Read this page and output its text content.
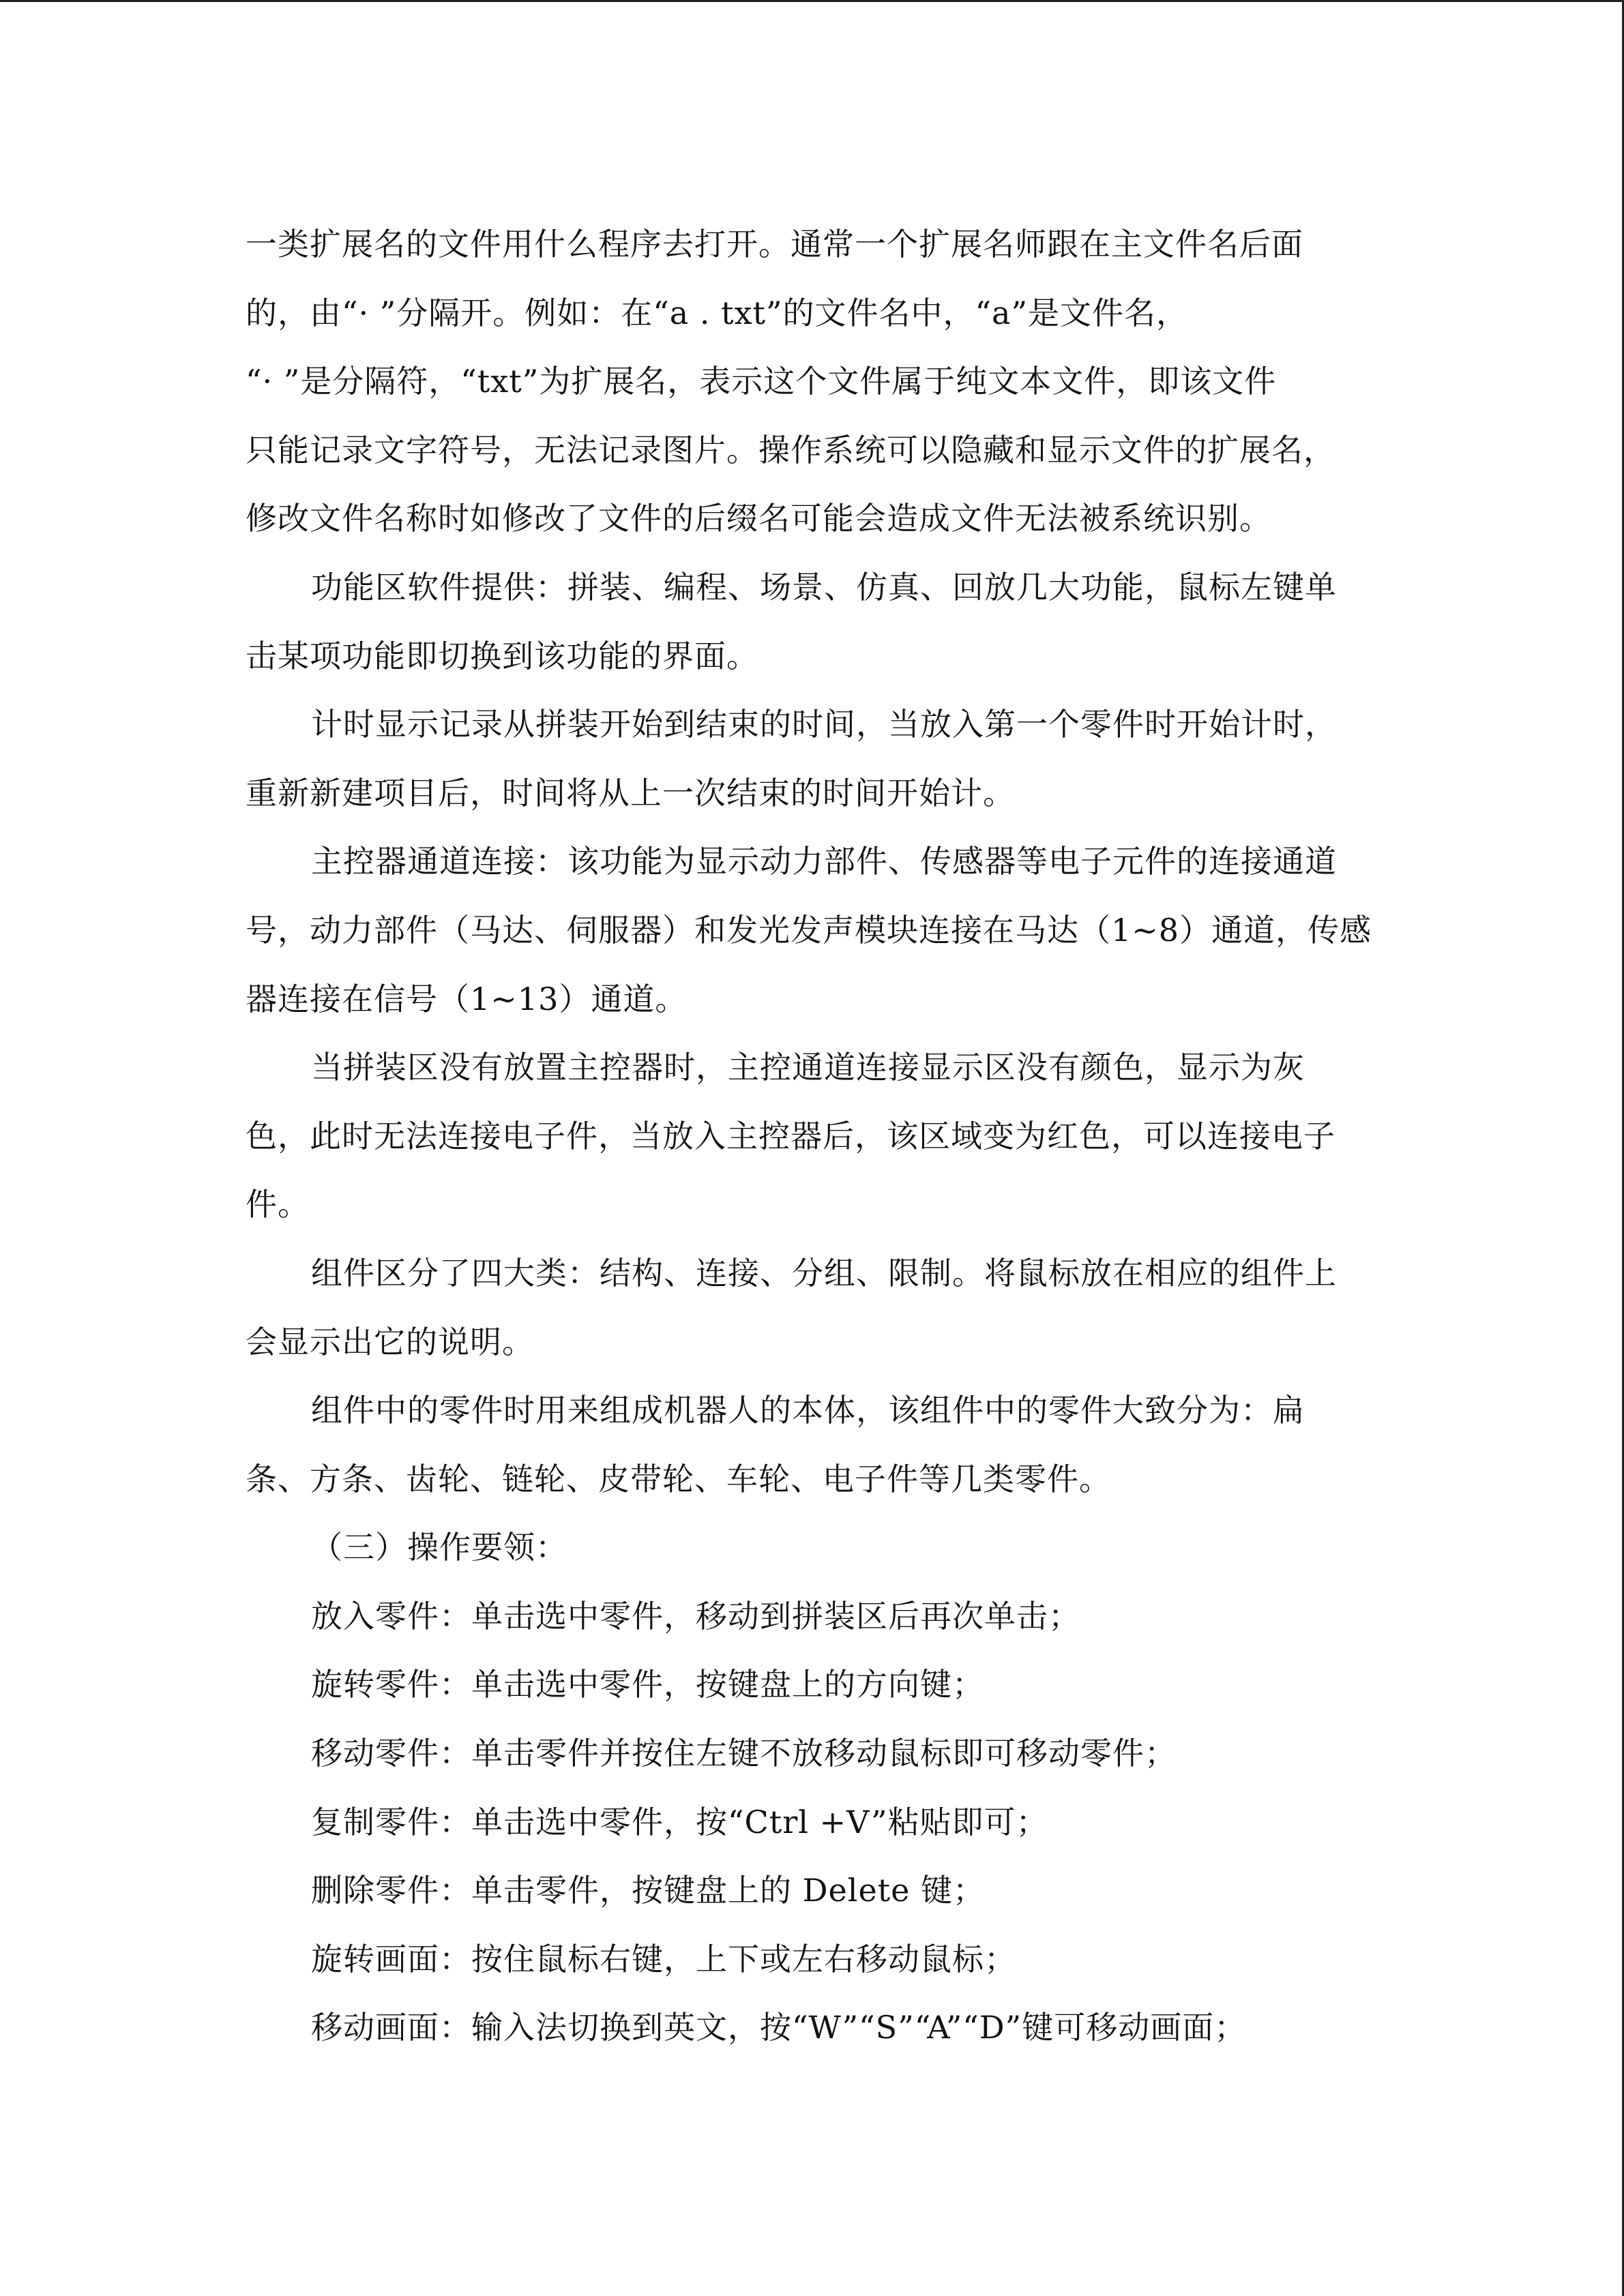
一类扩展名的文件用什么程序去打开。通常一个扩展名师跟在主文件名后面
的，由“· ”分隔开。例如：在“a . txt”的文件名中，“a”是文件名，
“· ”是分隔符，“txt”为扩展名，表示这个文件属于纯文本文件，即该文件
只能记录文字符号，无法记录图片。操作系统可以隐藏和显示文件的扩展名，
修改文件名称时如修改了文件的后缀名可能会造成文件无法被系统识别。
功能区软件提供：拼装、编程、场景、仿真、回放几大功能，鼠标左键单
击某项功能即切换到该功能的界面。
计时显示记录从拼装开始到结束的时间，当放入第一个零件时开始计时，
重新新建项目后，时间将从上一次结束的时间开始计。
主控器通道连接：该功能为显示动力部件、传感器等电子元件的连接通道
号，动力部件（马达、伺服器）和发光发声模块连接在马达（1~8）通道，传感
器连接在信号（1~13）通道。
当拼装区没有放置主控器时，主控通道连接显示区没有颜色，显示为灰
色，此时无法连接电子件，当放入主控器后，该区域变为红色，可以连接电子
件。
组件区分了四大类：结构、连接、分组、限制。将鼠标放在相应的组件上
会显示出它的说明。
组件中的零件时用来组成机器人的本体，该组件中的零件大致分为：扁
条、方条、齿轮、链轮、皮带轮、车轮、电子件等几类零件。
（三）操作要领：
放入零件：单击选中零件，移动到拼装区后再次单击；
旋转零件：单击选中零件，按键盘上的方向键；
移动零件：单击零件并按住左键不放移动鼠标即可移动零件；
复制零件：单击选中零件，按“Ctrl +V”粘贴即可；
删除零件：单击零件，按键盘上的 Delete 键；
旋转画面：按住鼠标右键，上下或左右移动鼠标；
移动画面：输入法切换到英文，按“W”“S”“A”“D”键可移动画面；
